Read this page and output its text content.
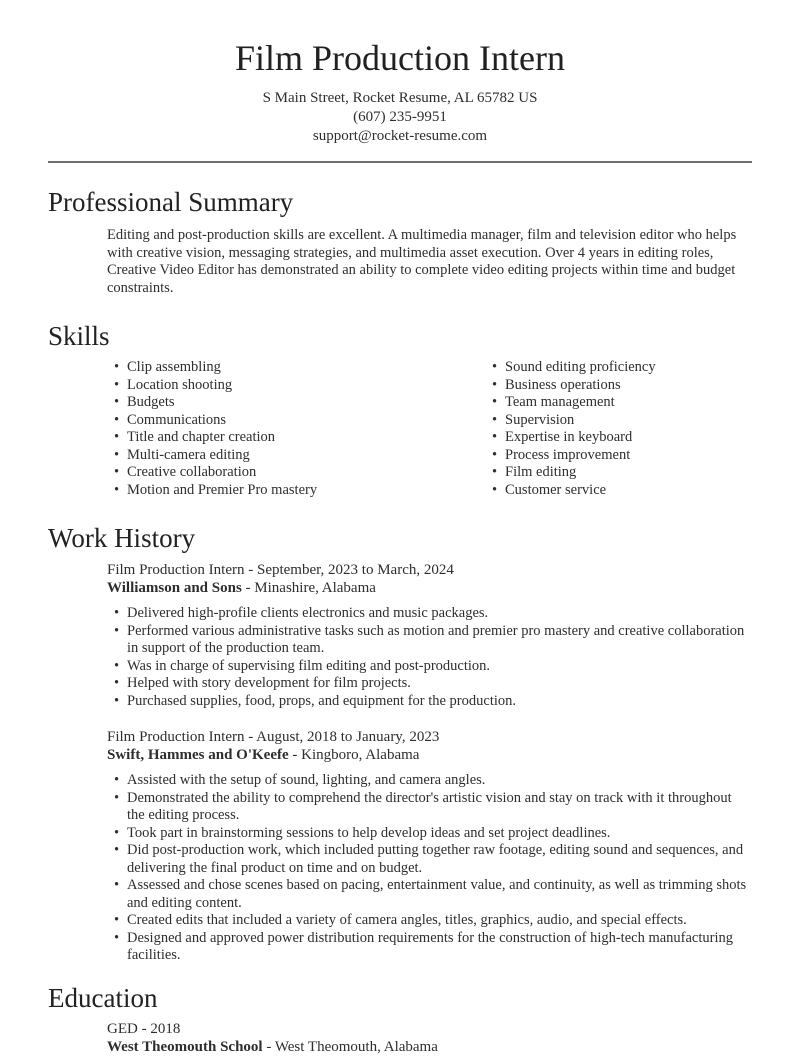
Film Production Intern
S Main Street, Rocket Resume, AL 65782 US
(607) 235-9951
support@rocket-resume.com
Professional Summary

Editing and post-production skills are excellent. A multimedia manager, film and television editor who helps with creative vision, messaging strategies, and multimedia asset execution. Over 4 years in editing roles, Creative Video Editor has demonstrated an ability to complete video editing projects within time and budget constraints.

Skills
• Clip assembling
• Location shooting
• Budgets
• Communications
• Title and chapter creation
• Multi-camera editing
• Creative collaboration
• Motion and Premier Pro mastery
• Sound editing proficiency
• Business operations
• Team management
• Supervision
• Expertise in keyboard
• Process improvement
• Film editing
• Customer service
Work History
Film Production Intern - September, 2023 to March, 2024
Williamson and Sons - Minashire, Alabama
• Delivered high-profile clients electronics and music packages.
• Performed various administrative tasks such as motion and premier pro mastery and creative collaboration in support of the production team.
• Was in charge of supervising film editing and post-production.
• Helped with story development for film projects.
• Purchased supplies, food, props, and equipment for the production.
Film Production Intern - August, 2018 to January, 2023
Swift, Hammes and O'Keefe - Kingboro, Alabama
• Assisted with the setup of sound, lighting, and camera angles.
• Demonstrated the ability to comprehend the director's artistic vision and stay on track with it throughout the editing process.
• Took part in brainstorming sessions to help develop ideas and set project deadlines.
• Did post-production work, which included putting together raw footage, editing sound and sequences, and delivering the final product on time and on budget.
• Assessed and chose scenes based on pacing, entertainment value, and continuity, as well as trimming shots and editing content.
• Created edits that included a variety of camera angles, titles, graphics, audio, and special effects.
• Designed and approved power distribution requirements for the construction of high-tech manufacturing facilities.
Education
GED - 2018
West Theomouth School - West Theomouth, Alabama
